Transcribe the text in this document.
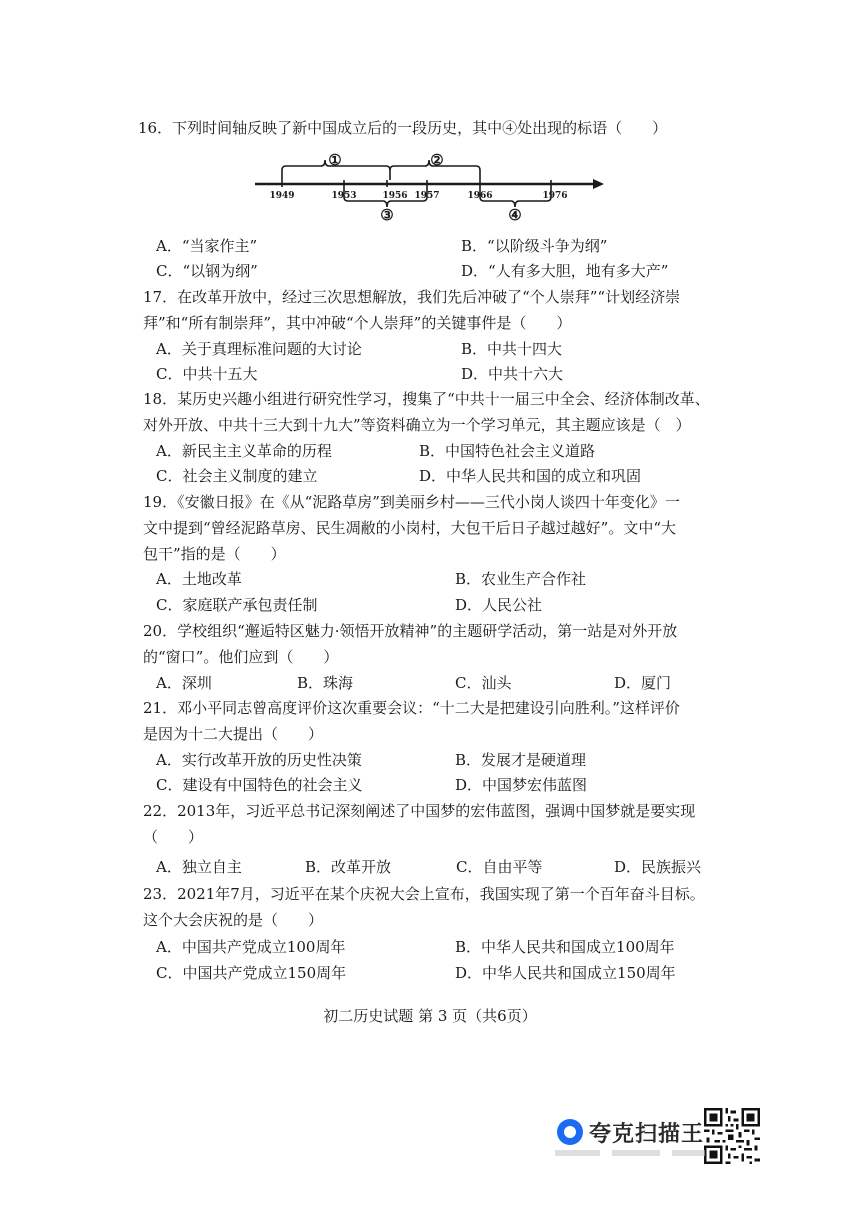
16．下列时间轴反映了新中国成立后的一段历史，其中④处出现的标语（　　）
①	②
③	④
1949	1953	1956 1957	1966	1976
A．“当家作主”	B．“以阶级斗争为纲”
C．“以钢为纲”	D．“人有多大胆，地有多大产”
17．在改革开放中，经过三次思想解放，我们先后冲破了“个人崇拜”“计划经济崇
拜”和“所有制崇拜”，其中冲破“个人崇拜”的关键事件是（　　）
A．关于真理标准问题的大讨论	B．中共十四大
C．中共十五大	D．中共十六大
18．某历史兴趣小组进行研究性学习，搜集了“中共十一届三中全会、经济体制改革、
对外开放、中共十三大到十九大”等资料确立为一个学习单元，其主题应该是（　）
A．新民主主义革命的历程	B．中国特色社会主义道路
C．社会主义制度的建立	D．中华人民共和国的成立和巩固
19．《安徽日报》在《从“泥路草房”到美丽乡村——三代小岗人谈四十年变化》一
文中提到“曾经泥路草房、民生凋敝的小岗村，大包干后日子越过越好”。文中“大
包干”指的是（　　）
A．土地改革	B．农业生产合作社
C．家庭联产承包责任制	D．人民公社
20．学校组织“邂逅特区魅力·领悟开放精神”的主题研学活动，第一站是对外开放
的“窗口”。他们应到（　　）
A．深圳	B．珠海	C．汕头	D．厦门
21．邓小平同志曾高度评价这次重要会议：“十二大是把建设引向胜利。”这样评价
是因为十二大提出（　　）
A．实行改革开放的历史性决策	B．发展才是硬道理
C．建设有中国特色的社会主义	D．中国梦宏伟蓝图
22．2013年，习近平总书记深刻阐述了中国梦的宏伟蓝图，强调中国梦就是要实现
（　　）
A．独立自主	B．改革开放	C．自由平等	D．民族振兴
23．2021年7月，习近平在某个庆祝大会上宣布，我国实现了第一个百年奋斗目标。
这个大会庆祝的是（　　）
A．中国共产党成立100周年	B．中华人民共和国成立100周年
C．中国共产党成立150周年	D．中华人民共和国成立150周年
初二历史试题 第 3 页（共6页）
夸克扫描王
